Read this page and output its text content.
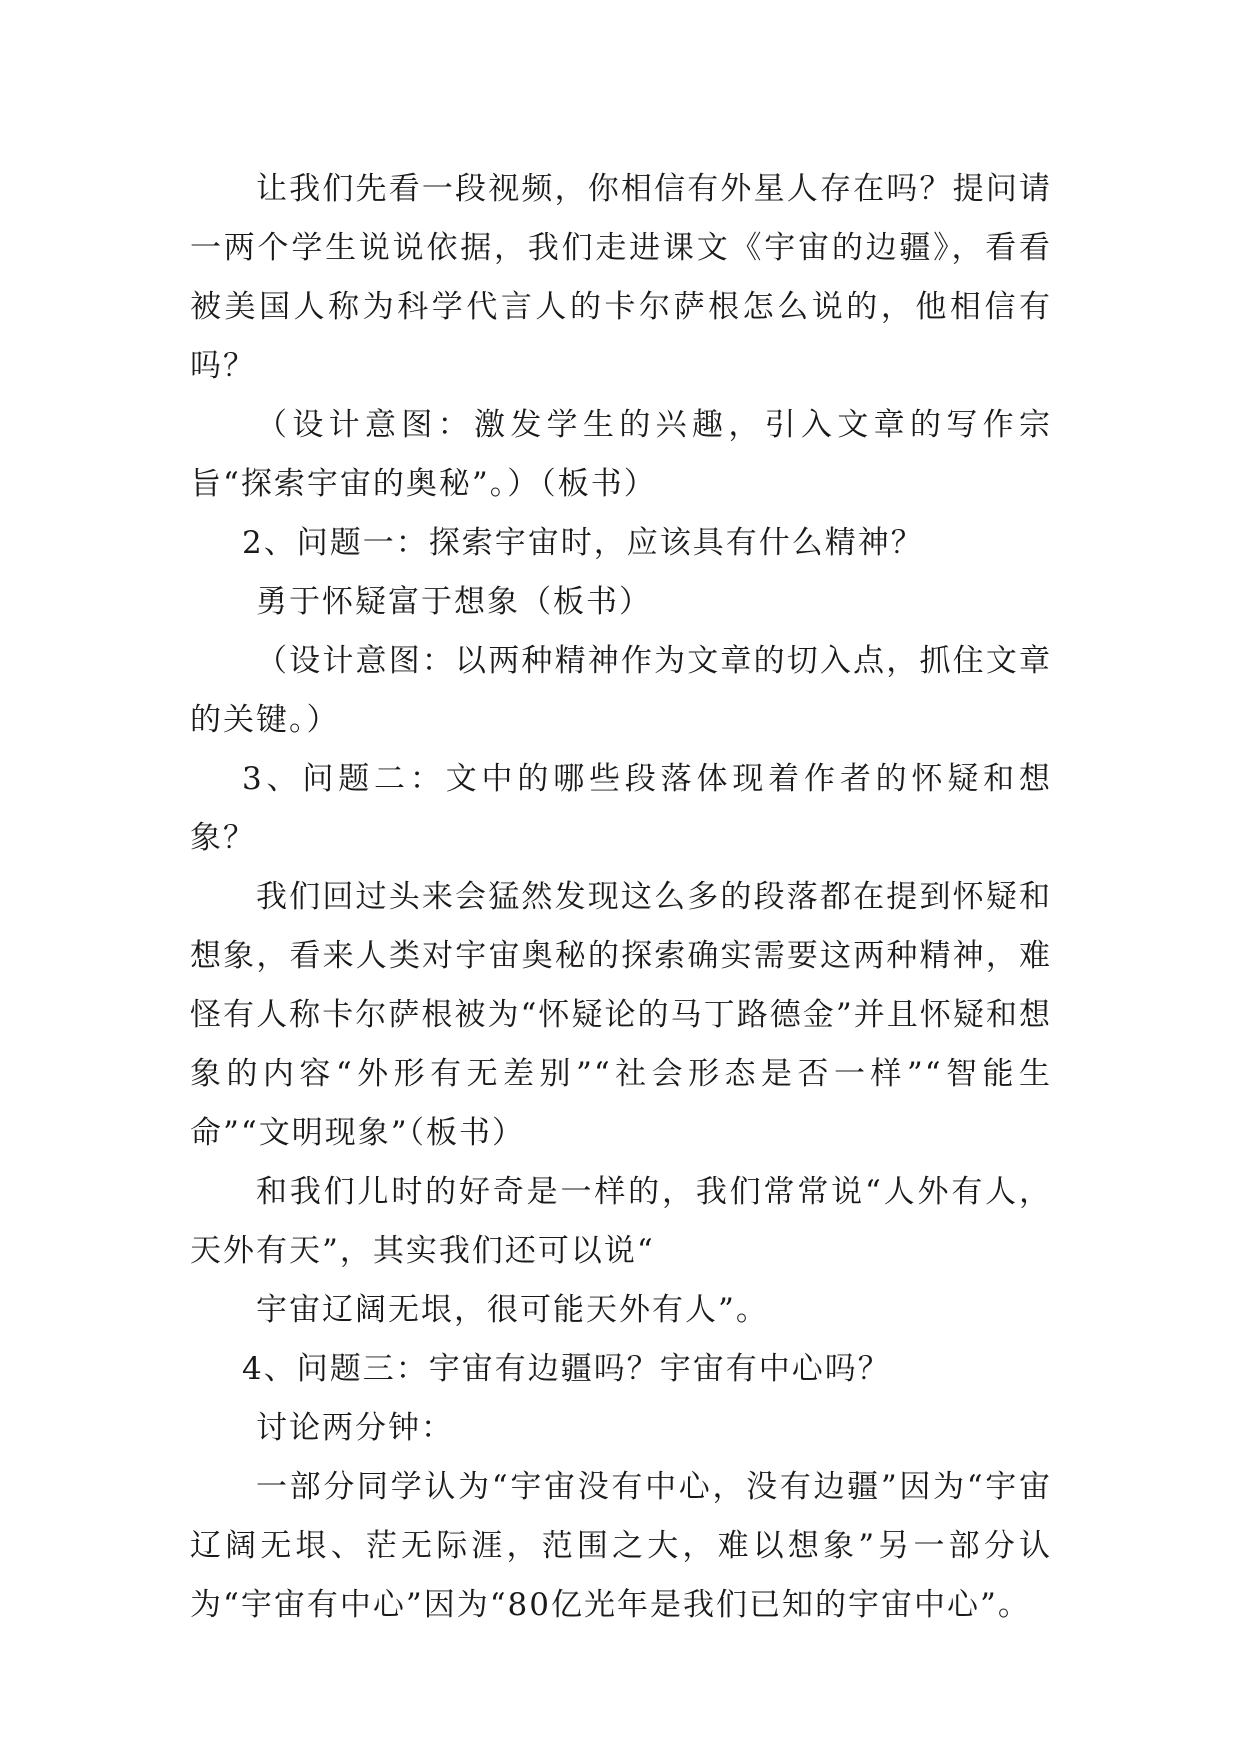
让我们先看一段视频，你相信有外星人存在吗？提问请一两个学生说说依据，我们走进课文《宇宙的边疆》，看看被美国人称为科学代言人的卡尔萨根怎么说的，他相信有吗？

（设计意图：激发学生的兴趣，引入文章的写作宗旨“探索宇宙的奥秘”。）（板书）

2、问题一：探索宇宙时，应该具有什么精神？

勇于怀疑富于想象（板书）

（设计意图：以两种精神作为文章的切入点，抓住文章的关键。）

3、问题二：文中的哪些段落体现着作者的怀疑和想象？

我们回过头来会猛然发现这么多的段落都在提到怀疑和想象，看来人类对宇宙奥秘的探索确实需要这两种精神，难怪有人称卡尔萨根被为“怀疑论的马丁路德金”并且怀疑和想象的内容“外形有无差别”“社会形态是否一样”“智能生命”“文明现象”（板书）

和我们儿时的好奇是一样的，我们常常说“人外有人，天外有天”，其实我们还可以说“

宇宙辽阔无垠，很可能天外有人”。

4、问题三：宇宙有边疆吗？宇宙有中心吗？

讨论两分钟：

一部分同学认为“宇宙没有中心，没有边疆”因为“宇宙辽阔无垠、茫无际涯，范围之大，难以想象”另一部分认为“宇宙有中心”因为“80亿光年是我们已知的宇宙中心”。
